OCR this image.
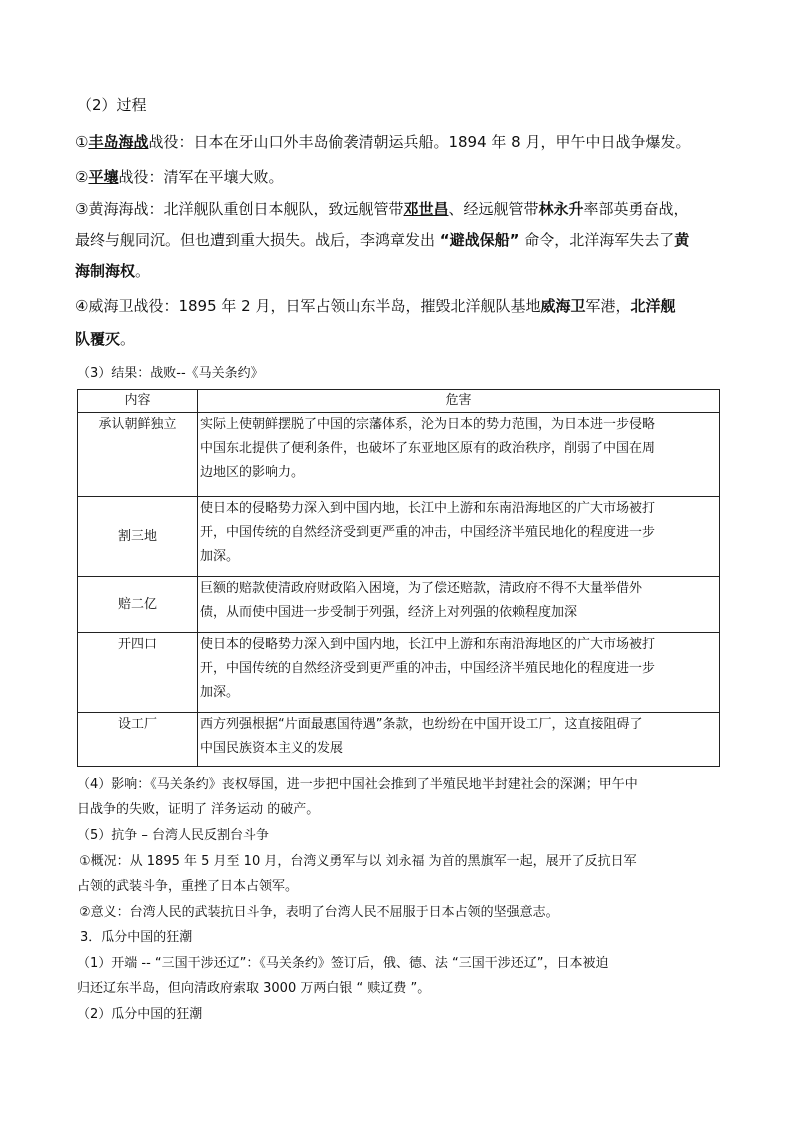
（2）过程
①丰岛海战战役：日本在牙山口外丰岛偷袭清朝运兵船。1894 年 8 月，甲午中日战争爆发。
②平壤战役：清军在平壤大败。
③黄海海战：北洋舰队重创日本舰队，致远舰管带邓世昌、经远舰管带林永升率部英勇奋战，
最终与舰同沉。但也遭到重大损失。战后，李鸿章发出 “避战保船” 命令，北洋海军失去了黄
海制海权。
④威海卫战役：1895 年 2 月，日军占领山东半岛，摧毁北洋舰队基地威海卫军港，北洋舰
队覆灭。
（3）结果：战败--《马关条约》
内容	危害
承认朝鲜独立	实际上使朝鲜摆脱了中国的宗藩体系，沦为日本的势力范围，为日本进一步侵略
中国东北提供了便利条件，也破坏了东亚地区原有的政治秩序，削弱了中国在周
边地区的影响力。

割三地	使日本的侵略势力深入到中国内地，长江中上游和东南沿海地区的广大市场被打
开，中国传统的自然经济受到更严重的冲击，中国经济半殖民地化的程度进一步
加深。

赔二亿	巨额的赔款使清政府财政陷入困境，为了偿还赔款，清政府不得不大量举借外
债，从而使中国进一步受制于列强，经济上对列强的依赖程度加深

开四口	使日本的侵略势力深入到中国内地，长江中上游和东南沿海地区的广大市场被打
开，中国传统的自然经济受到更严重的冲击，中国经济半殖民地化的程度进一步
加深。

设工厂	西方列强根据“片面最惠国待遇”条款，也纷纷在中国开设工厂，这直接阻碍了
中国民族资本主义的发展
（4）影响：《马关条约》丧权辱国，进一步把中国社会推到了半殖民地半封建社会的深渊；甲午中
日战争的失败，证明了 洋务运动 的破产。
（5）抗争 – 台湾人民反割台斗争
①概况：从 1895 年 5 月至 10 月，台湾义勇军与以 刘永福 为首的黑旗军一起，展开了反抗日军
占领的武装斗争，重挫了日本占领军。
②意义：台湾人民的武装抗日斗争，表明了台湾人民不屈服于日本占领的坚强意志。
3．瓜分中国的狂潮
（1）开端 -- “三国干涉还辽”：《马关条约》签订后，俄、德、法 “三国干涉还辽”，日本被迫
归还辽东半岛，但向清政府索取 3000 万两白银 “ 赎辽费 ”。
（2）瓜分中国的狂潮
